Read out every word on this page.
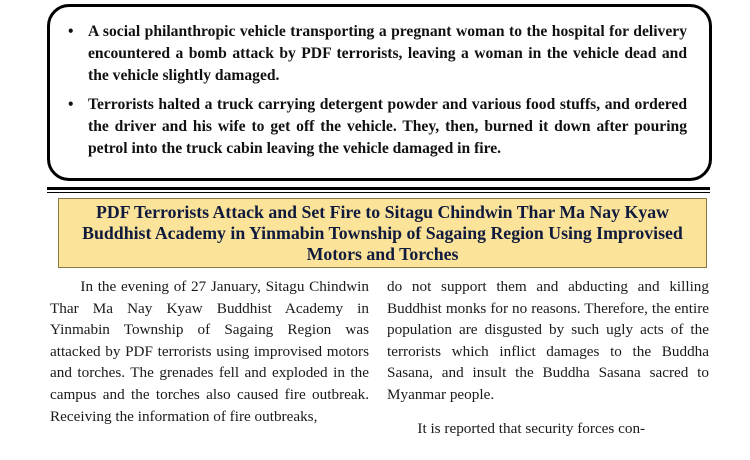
• A social philanthropic vehicle transporting a pregnant woman to the hospital for delivery encountered a bomb attack by PDF terrorists, leaving a woman in the vehicle dead and the vehicle slightly damaged.
• Terrorists halted a truck carrying detergent powder and various food stuffs, and ordered the driver and his wife to get off the vehicle. They, then, burned it down after pouring petrol into the truck cabin leaving the vehicle damaged in fire.
PDF Terrorists Attack and Set Fire to Sitagu Chindwin Thar Ma Nay Kyaw Buddhist Academy in Yinmabin Township of Sagaing Region Using Improvised Motors and Torches

In the evening of 27 January, Sitagu Chindwin Thar Ma Nay Kyaw Buddhist Academy in Yinmabin Township of Sagaing Region was attacked by PDF terrorists using improvised motors and torches. The grenades fell and exploded in the campus and the torches also caused fire outbreak. Receiving the information of fire outbreaks,

do not support them and abducting and killing Buddhist monks for no reasons. Therefore, the entire population are disgusted by such ugly acts of the terrorists which inflict damages to the Buddha Sasana, and insult the Buddha Sasana sacred to Myanmar people.

It is reported that security forces con-
